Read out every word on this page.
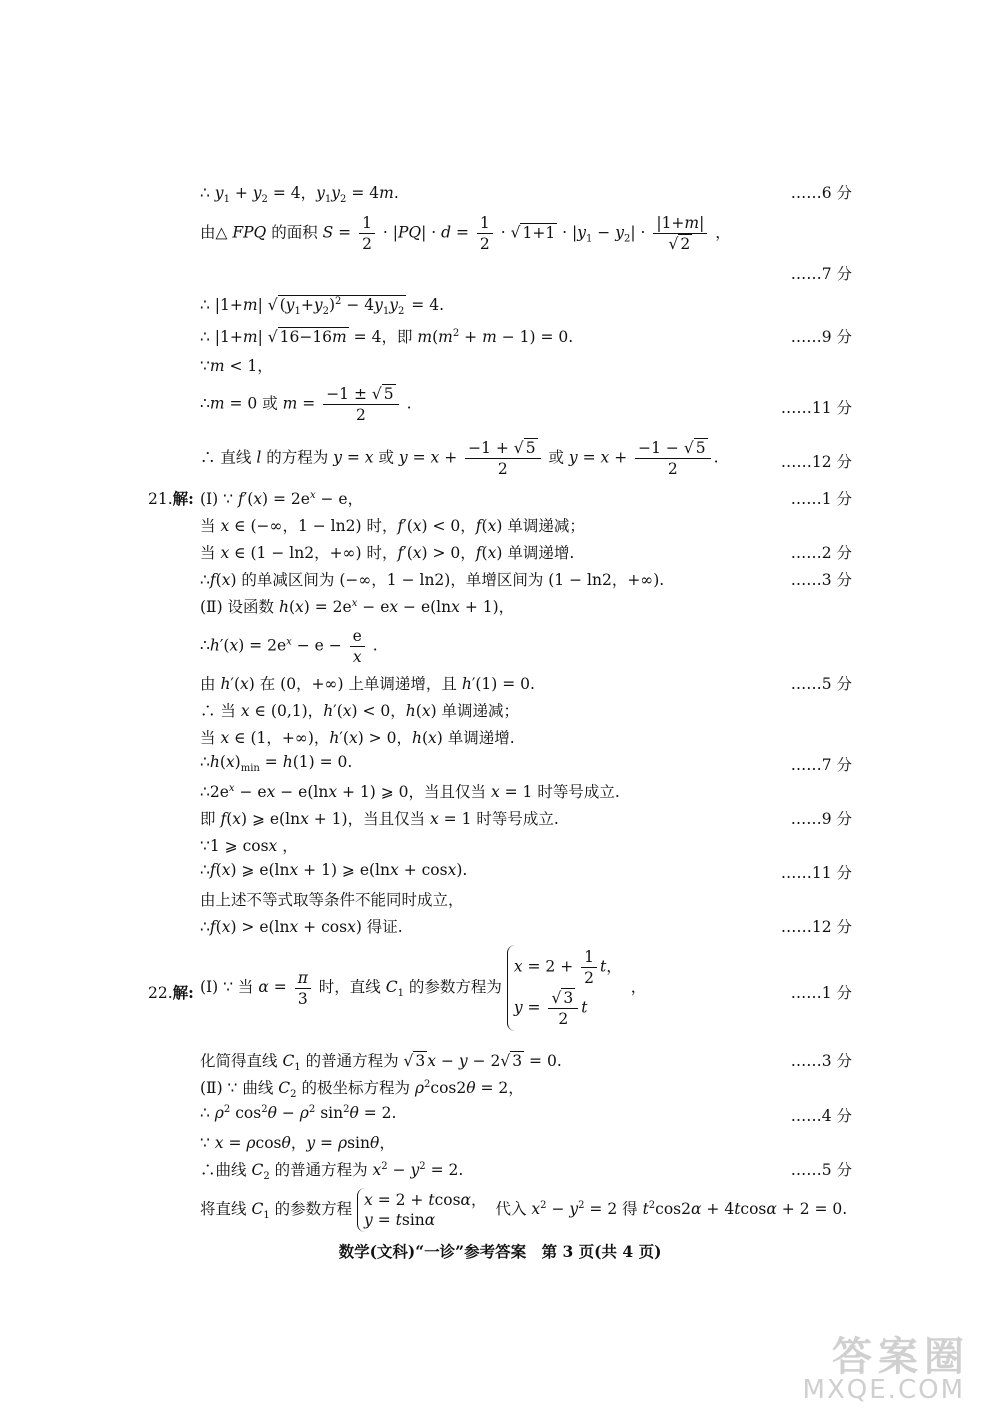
∴ $y_1 + y_2 = 4$，$y_1y_2 = 4m$.	……6 分
由△ FPQ 的面积 $S = \frac{1}{2} \cdot |PQ| \cdot d = \frac{1}{2}$ · √ $1+1 \cdot |y_1 - y_2| \cdot \frac{|1+m|}{√ 2}$ ，
……7 分
∴ |1+m| √ $(y_1+y_2)^2 - 4y_1y_2 = 4$.
∴ |1+m| √ 16−16m = 4，即 $m(m^2 + m - 1) = 0$.	……9 分
∵m < 1，
∴m = 0 或 $m = \frac{-1 \pm √ 5}{2}$ .	……11 分
∴ 直线 l 的方程为 y = x 或 $y = x + \frac{-1 + √ 5}{2}$ 或 $y = x + \frac{-1 - √ 5}{2}$ .	……12 分
21.解: (Ⅰ) ∵ $f'(x) = 2e^x - e$，	……1 分
当 x ∈ (−∞，1 − ln2) 时，f′(x) < 0，f(x) 单调递减；
当 x ∈ (1 − ln2，+∞) 时，f′(x) > 0，f(x) 单调递增.	……2 分
∴f(x) 的单减区间为 (−∞，1 − ln2)，单增区间为 (1 − ln2，+∞).	……3 分
(Ⅱ) 设函数 $h(x) = 2e^x$ − ex − e(lnx + 1)，
∴h′(x) = $2e^x - e - \frac{e}{x}$ .
由 h′(x) 在 (0，+∞) 上单调递增，且 h′(1) = 0.	……5 分
∴ 当 x ∈ (0,1)，h′(x) < 0，h(x) 单调递减；
当 x ∈ (1，+∞)，h′(x) > 0，h(x) 单调递增.
$\therefore h(x)_{min} = h(1) = 0$.	……7 分
$\therefore 2e^x$ − ex − e(lnx + 1) ⩾ 0，当且仅当 x = 1 时等号成立.
即 f(x) ⩾ e(lnx + 1)，当且仅当 x = 1 时等号成立.	……9 分
∵1 ⩾ cosx ，
∴f(x) ⩾ e(lnx + 1) ⩾ e(lnx + cosx).	……11 分
由上述不等式取等条件不能同时成立，
∴f(x) > e(lnx + cosx) 得证.	……12 分
22.解: (Ⅰ) ∵ 当 $\alpha = \frac{\pi}{3}$ 时，直线 $C_1$ 的参数方程为
$x = 2 + \frac{1}{2}$ t，
$y = \frac{√ 3}{2}$ t
，	……1 分
化简得直线 $C_1$ 的普通方程为 √ 3 x − y − 2√ 3 = 0.	……3 分
(Ⅱ) ∵ 曲线 $C_2$ 的极坐标方程为 $\rho^2\cos 2\theta = 2$，
∴ $\rho^2$ $\cos^2\theta - \rho^2$ $\sin^2\theta = 2$.	……4 分
∵ x = ρcosθ，y = ρsinθ，
∴曲线 $C_2$ 的普通方程为 $x^2 - y^2 = 2$.	……5 分
将直线 $C_1$ 的参数方程 x = 2 + tcosα，
y = tsinα
代入 $x^2 - y^2 = 2$ 得 $t^2\cos 2\alpha + 4tcos\alpha + 2 = 0$.
数学(文科)“一诊”参考答案　第 3 页(共 4 页)
答案圈
MXQE.COM
